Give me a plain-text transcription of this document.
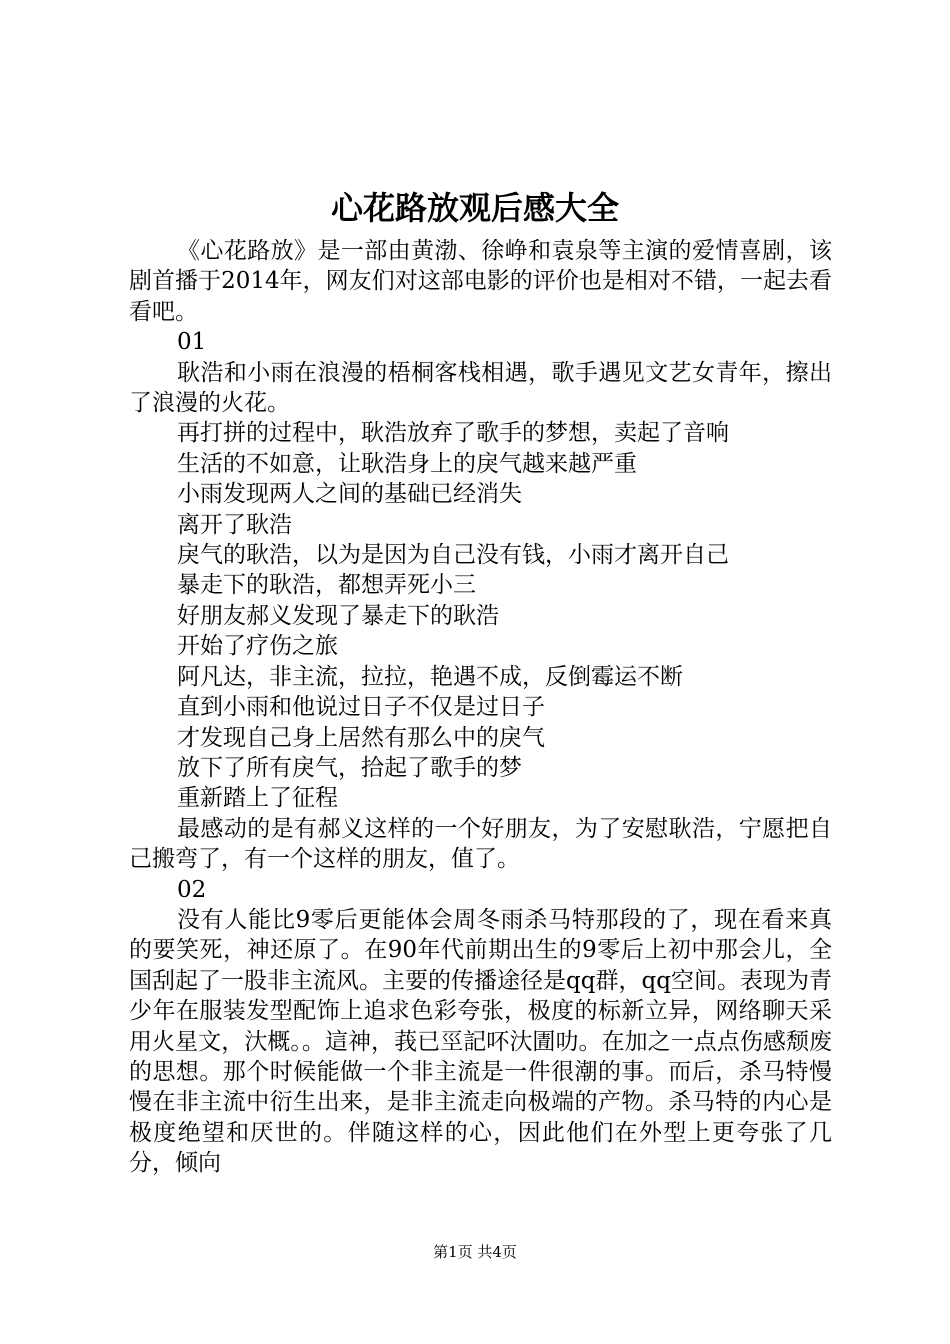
心花路放观后感大全

《心花路放》是一部由黄渤、徐峥和袁泉等主演的爱情喜剧，该剧首播于2014年，网友们对这部电影的评价也是相对不错，一起去看看吧。

01

耿浩和小雨在浪漫的梧桐客栈相遇，歌手遇见文艺女青年，擦出了浪漫的火花。

再打拼的过程中，耿浩放弃了歌手的梦想，卖起了音响

生活的不如意，让耿浩身上的戾气越来越严重

小雨发现两人之间的基础已经消失

离开了耿浩

戾气的耿浩，以为是因为自己没有钱，小雨才离开自己

暴走下的耿浩，都想弄死小三

好朋友郝义发现了暴走下的耿浩

开始了疗伤之旅

阿凡达，非主流，拉拉，艳遇不成，反倒霉运不断

直到小雨和他说过日子不仅是过日子

才发现自己身上居然有那么中的戾气

放下了所有戾气，拾起了歌手的梦

重新踏上了征程

最感动的是有郝义这样的一个好朋友，为了安慰耿浩，宁愿把自己搬弯了，有一个这样的朋友，值了。

02

没有人能比9零后更能体会周冬雨杀马特那段的了，现在看来真的要笑死，神还原了。在90年代前期出生的9零后上初中那会儿，全国刮起了一股非主流风。主要的传播途径是qq群，qq空间。表现为青少年在服装发型配饰上追求色彩夸张，极度的标新立异，网络聊天采用火星文，汏概。。這神，莪已巠記吥汏圊叻。在加之一点点伤感颓废的思想。那个时候能做一个非主流是一件很潮的事。而后，杀马特慢慢在非主流中衍生出来，是非主流走向极端的产物。杀马特的内心是极度绝望和厌世的。伴随这样的心，因此他们在外型上更夸张了几分，倾向

第1页 共4页
